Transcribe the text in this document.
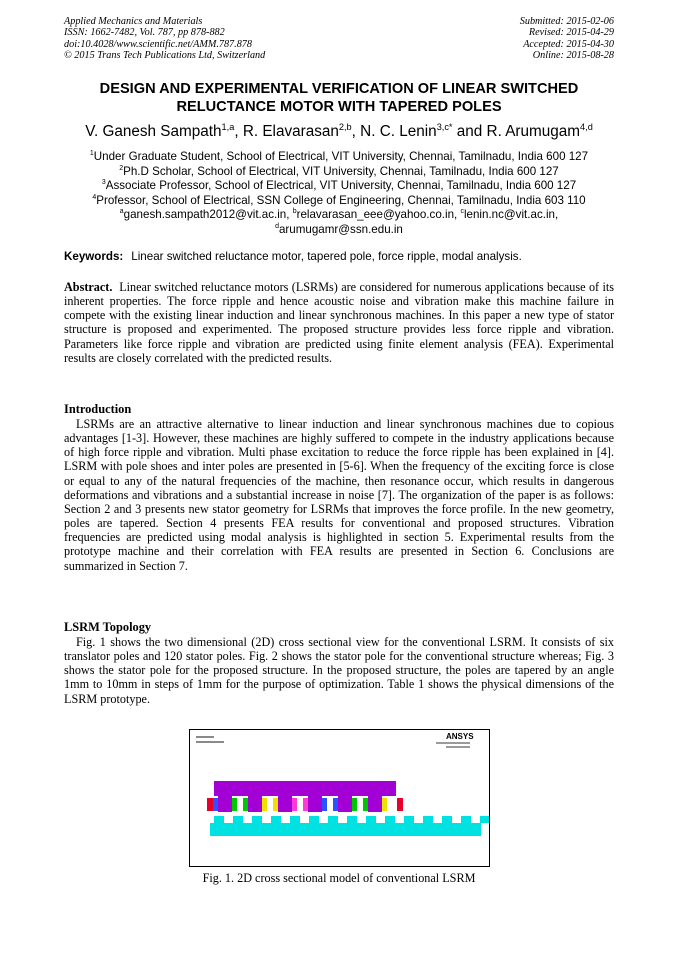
Applied Mechanics and Materials
ISSN: 1662-7482, Vol. 787, pp 878-882
doi:10.4028/www.scientific.net/AMM.787.878
© 2015 Trans Tech Publications Ltd, Switzerland
Submitted: 2015-02-06
Revised: 2015-04-29
Accepted: 2015-04-30
Online: 2015-08-28
DESIGN AND EXPERIMENTAL VERIFICATION OF LINEAR SWITCHED
RELUCTANCE MOTOR WITH TAPERED POLES
V. Ganesh Sampath$^{1,a}$, R. Elavarasan$^{2,b}$, N. C. Lenin$^{3,c*}$ and R. Arumugam$^{4,d}$
$^1$Under Graduate Student, School of Electrical, VIT University, Chennai, Tamilnadu, India 600 127
$^2$Ph.D Scholar, School of Electrical, VIT University, Chennai, Tamilnadu, India 600 127
$^3$Associate Professor, School of Electrical, VIT University, Chennai, Tamilnadu, India 600 127
$^4$Professor, School of Electrical, SSN College of Engineering, Chennai, Tamilnadu, India 603 110
$^a$ganesh.sampath2012@vit.ac.in, $^b$relavarasan_eee@yahoo.co.in, $^c$lenin.nc@vit.ac.in,
$^d$arumugamr@ssn.edu.in
Keywords: Linear switched reluctance motor, tapered pole, force ripple, modal analysis.
Abstract. Linear switched reluctance motors (LSRMs) are considered for numerous applications because of its inherent properties. The force ripple and hence acoustic noise and vibration make this machine failure in compete with the existing linear induction and linear synchronous machines. In this paper a new type of stator structure is proposed and experimented. The proposed structure provides less force ripple and vibration. Parameters like force ripple and vibration are predicted using finite element analysis (FEA). Experimental results are closely correlated with the predicted results.
Introduction
LSRMs are an attractive alternative to linear induction and linear synchronous machines due to copious advantages [1-3]. However, these machines are highly suffered to compete in the industry applications because of high force ripple and vibration. Multi phase excitation to reduce the force ripple has been explained in [4]. LSRM with pole shoes and inter poles are presented in [5-6]. When the frequency of the exciting force is close or equal to any of the natural frequencies of the machine, then resonance occur, which results in dangerous deformations and vibrations and a substantial increase in noise [7]. The organization of the paper is as follows: Section 2 and 3 presents new stator geometry for LSRMs that improves the force profile. In the new geometry, poles are tapered. Section 4 presents FEA results for conventional and proposed structures. Vibration frequencies are predicted using modal analysis is highlighted in section 5. Experimental results from the prototype machine and their correlation with FEA results are presented in Section 6. Conclusions are summarized in Section 7.
LSRM Topology
Fig. 1 shows the two dimensional (2D) cross sectional view for the conventional LSRM. It consists of six translator poles and 120 stator poles. Fig. 2 shows the stator pole for the conventional structure whereas; Fig. 3 shows the stator pole for the proposed structure. In the proposed structure, the poles are tapered by an angle 1mm to 10mm in steps of 1mm for the purpose of optimization. Table 1 shows the physical dimensions of the LSRM prototype.
ANSYS
Fig. 1. 2D cross sectional model of conventional LSRM
